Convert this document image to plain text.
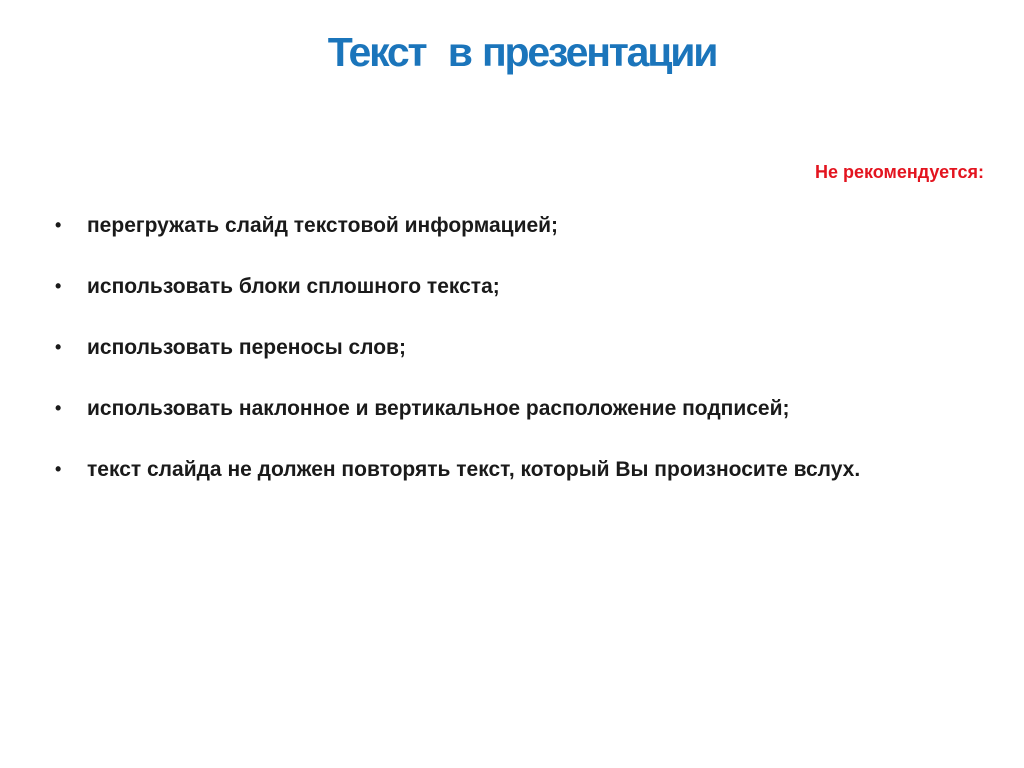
Текст  в презентации

Не рекомендуется:

•	перегружать слайд текстовой информацией;
•	использовать блоки сплошного текста;
•	использовать переносы слов;
•	использовать наклонное и вертикальное расположение подписей;
•	текст слайда не должен повторять текст, который Вы произносите вслух.
